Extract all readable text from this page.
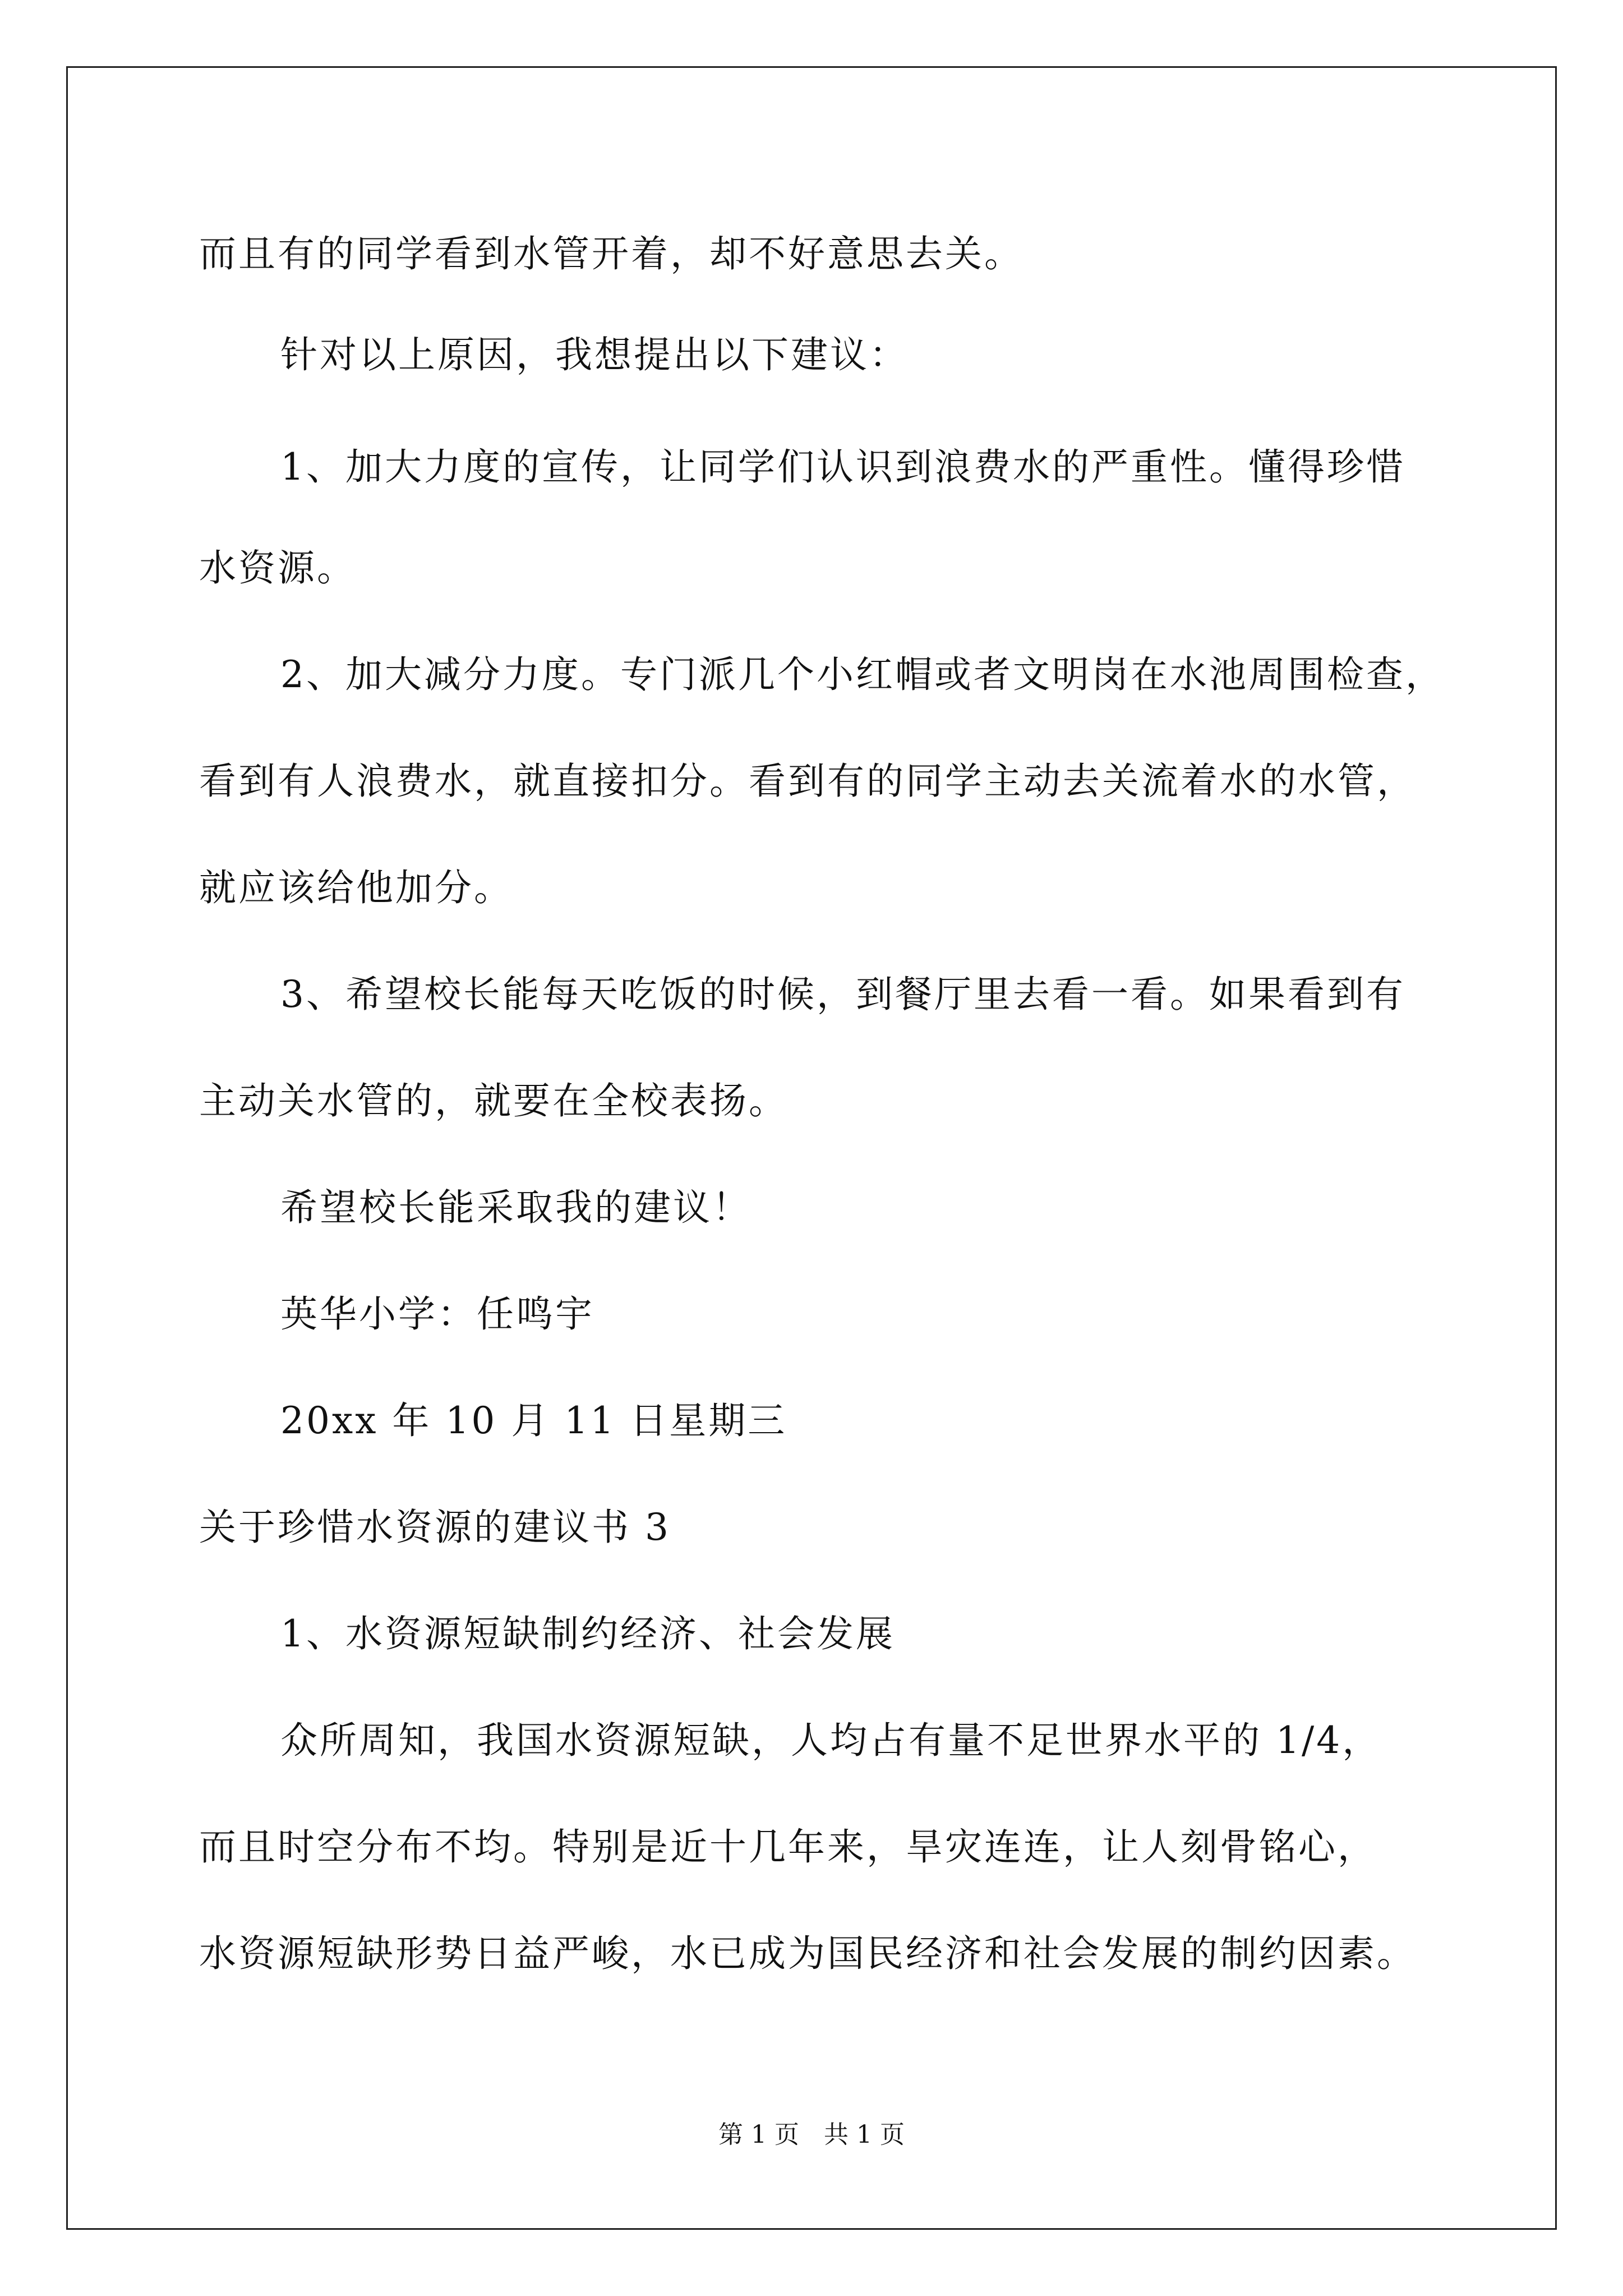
而且有的同学看到水管开着，却不好意思去关。
针对以上原因，我想提出以下建议：
1、加大力度的宣传，让同学们认识到浪费水的严重性。懂得珍惜
水资源。
2、加大减分力度。专门派几个小红帽或者文明岗在水池周围检查，
看到有人浪费水，就直接扣分。看到有的同学主动去关流着水的水管，
就应该给他加分。
3、希望校长能每天吃饭的时候，到餐厅里去看一看。如果看到有
主动关水管的，就要在全校表扬。
希望校长能采取我的建议！
英华小学：任鸣宇
20xx 年 10 月 11 日星期三
关于珍惜水资源的建议书 3
1、水资源短缺制约经济、社会发展
众所周知，我国水资源短缺，人均占有量不足世界水平的 1/4，
而且时空分布不均。特别是近十几年来，旱灾连连，让人刻骨铭心，
水资源短缺形势日益严峻，水已成为国民经济和社会发展的制约因素。
第 1 页　共 1 页
